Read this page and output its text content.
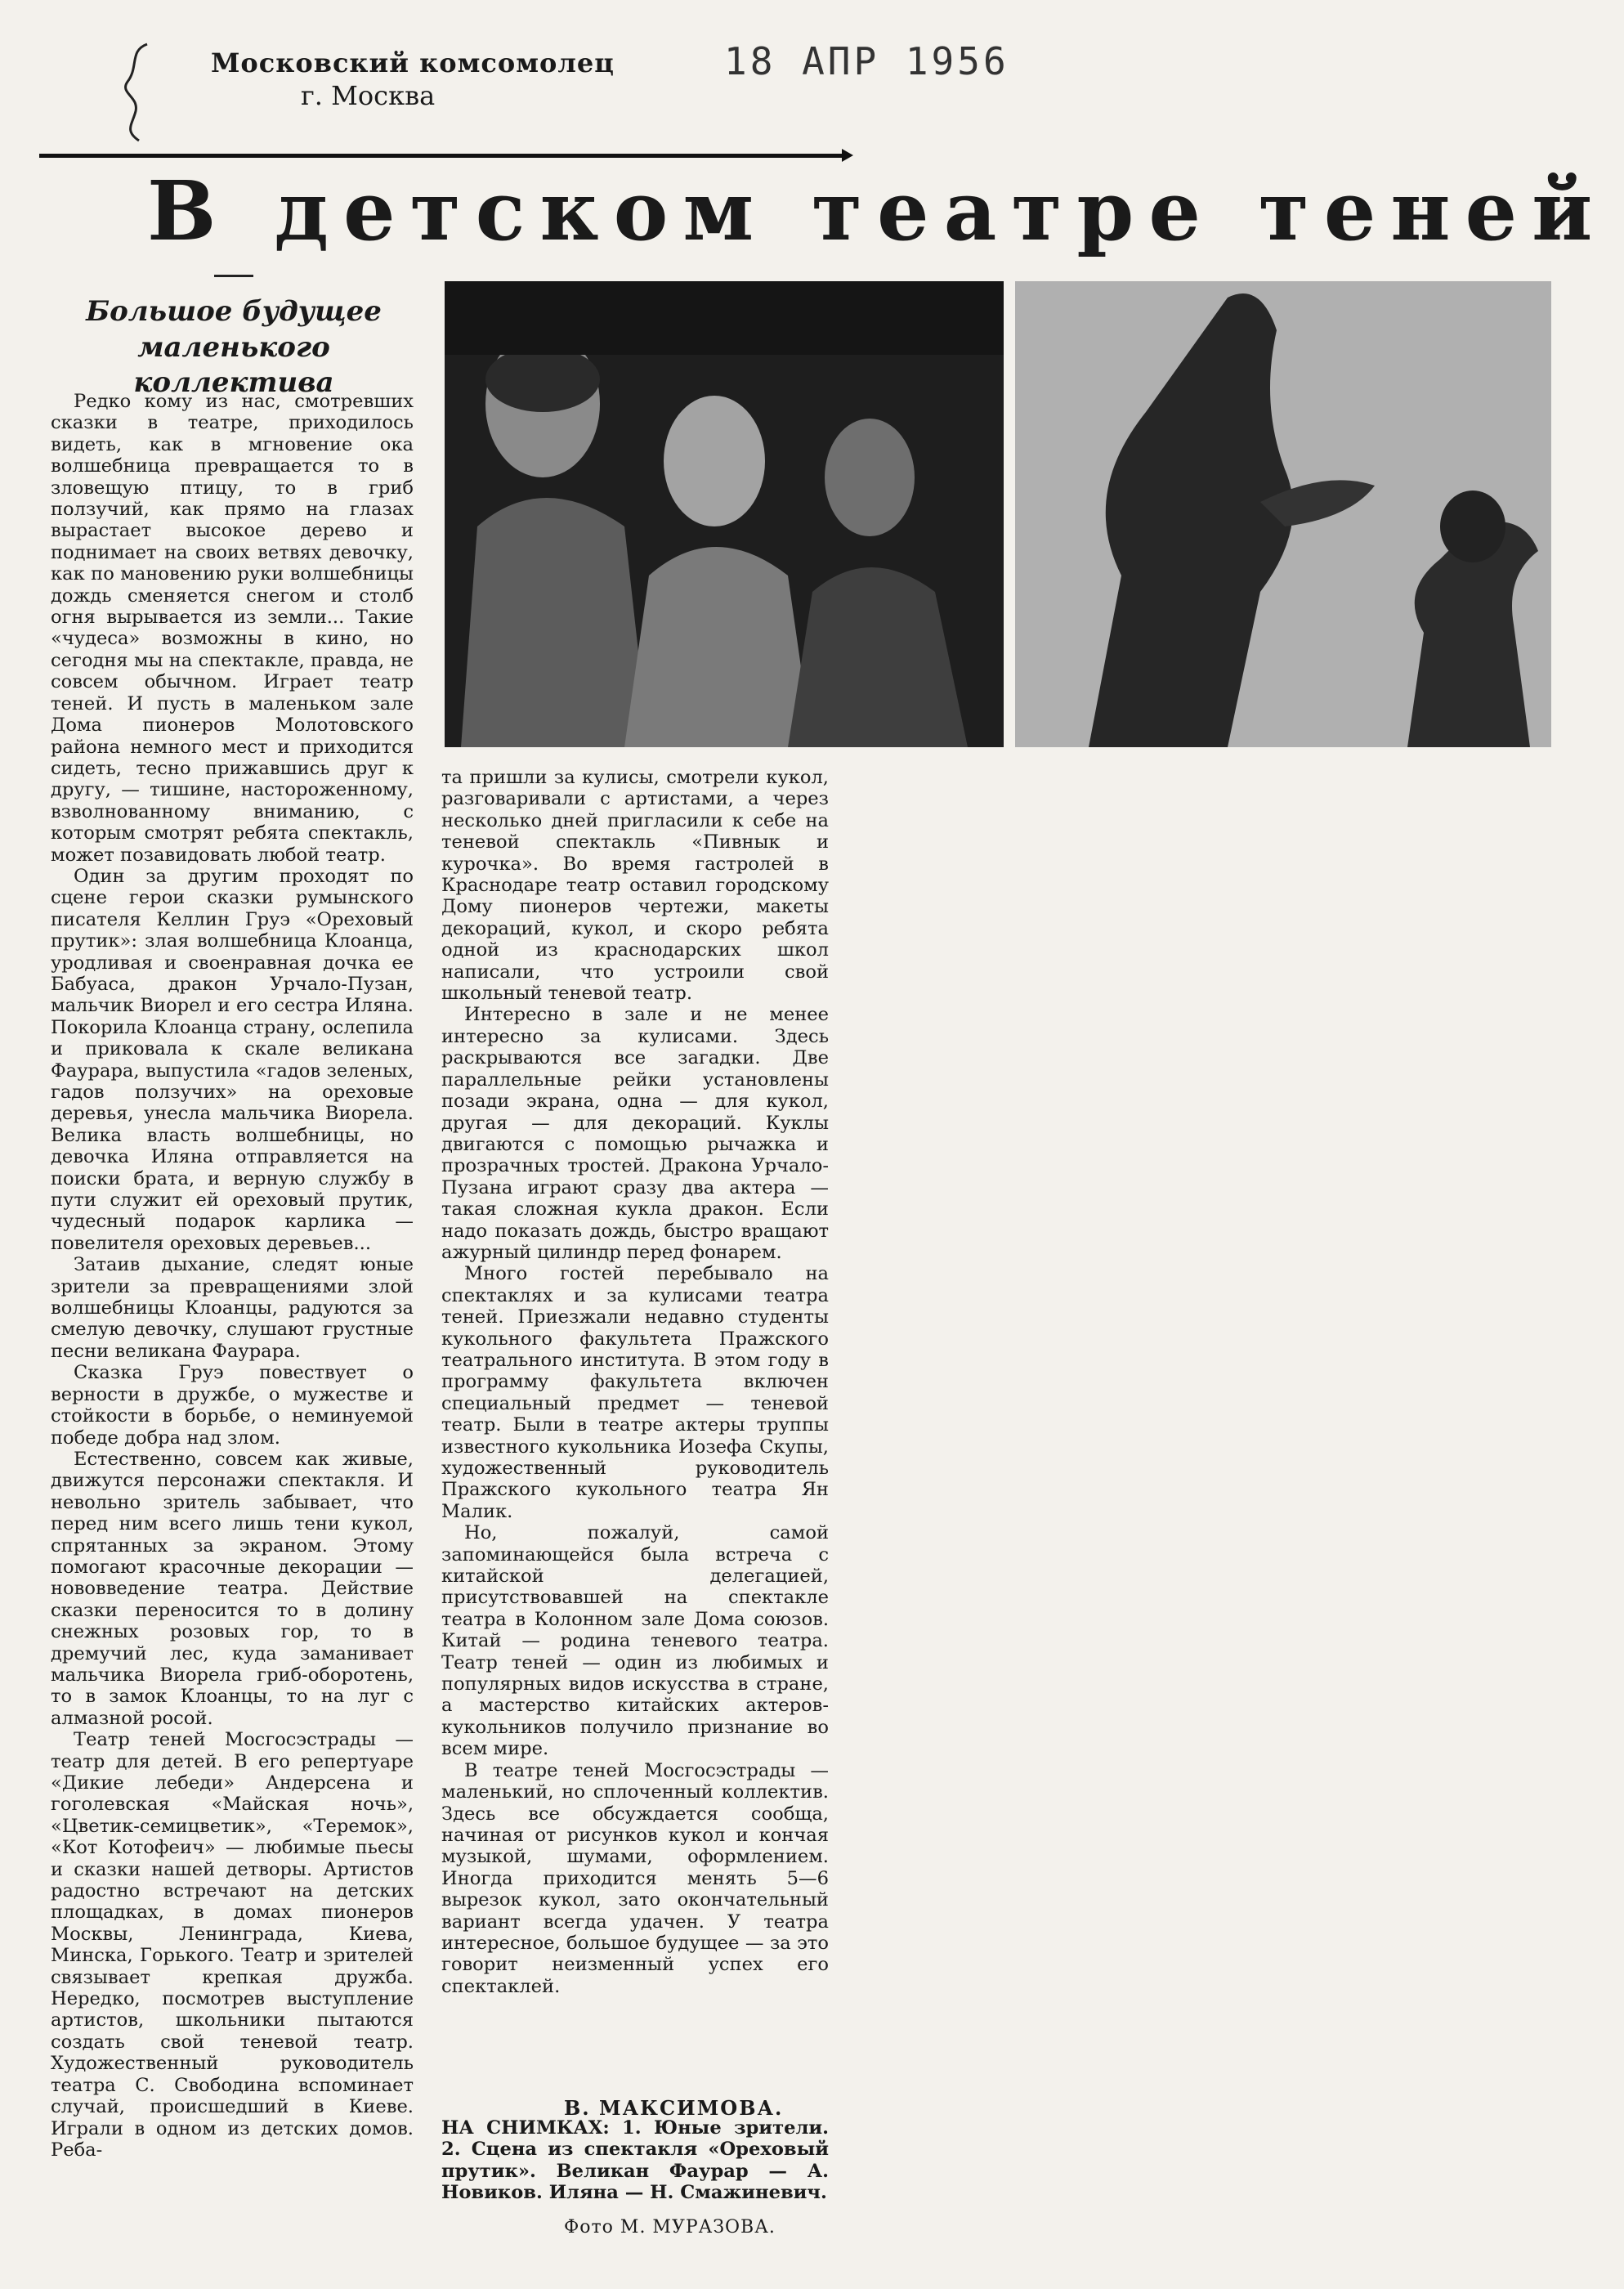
Московский комсомолец
г. Москва
18 АПР 1956
В детском театре теней
Большое будущее маленького коллектива

Редко кому из нас, смотревших сказки в театре, приходилось видеть, как в мгновение ока волшебница превращается то в зловещую птицу, то в гриб ползучий, как прямо на глазах вырастает высокое дерево и поднимает на своих ветвях девочку, как по мановению руки волшебницы дождь сменяется снегом и столб огня вырывается из земли... Такие «чудеса» возможны в кино, но сегодня мы на спектакле, правда, не совсем обычном. Играет театр теней. И пусть в маленьком зале Дома пионеров Молотовского района немного мест и приходится сидеть, тесно прижавшись друг к другу, — тишине, настороженному, взволнованному вниманию, с которым смотрят ребята спектакль, может позавидовать любой театр.

Один за другим проходят по сцене герои сказки румынского писателя Келлин Груэ «Ореховый прутик»: злая волшебница Клоанца, уродливая и своенравная дочка ее Бабуаса, дракон Урчало-Пузан, мальчик Виорел и его сестра Иляна. Покорила Клоанца страну, ослепила и приковала к скале великана Фаурара, выпустила «гадов зеленых, гадов ползучих» на ореховые деревья, унесла мальчика Виорела. Велика власть волшебницы, но девочка Иляна отправляется на поиски брата, и верную службу в пути служит ей ореховый прутик, чудесный подарок карлика — повелителя ореховых деревьев...

Затаив дыхание, следят юные зрители за превращениями злой волшебницы Клоанцы, радуются за смелую девочку, слушают грустные песни великана Фаурара.

Сказка Груэ повествует о верности в дружбе, о мужестве и стойкости в борьбе, о неминуемой победе добра над злом.

Естественно, совсем как живые, движутся персонажи спектакля. И невольно зритель забывает, что перед ним всего лишь тени кукол, спрятанных за экраном. Этому помогают красочные декорации — нововведение театра. Действие сказки переносится то в долину снежных розовых гор, то в дремучий лес, куда заманивает мальчика Виорела гриб-оборотень, то в замок Клоанцы, то на луг с алмазной росой.

Театр теней Мосгосэстрады — театр для детей. В его репертуаре «Дикие лебеди» Андерсена и гоголевская «Майская ночь», «Цветик-семицветик», «Теремок», «Кот Котофеич» — любимые пьесы и сказки нашей детворы. Артистов радостно встречают на детских площадках, в домах пионеров Москвы, Ленинграда, Киева, Минска, Горького. Театр и зрителей связывает крепкая дружба. Нередко, посмотрев выступление артистов, школьники пытаются создать свой теневой театр. Художественный руководитель театра С. Свободина вспоминает случай, происшедший в Киеве. Играли в одном из детских домов. Реба-

та пришли за кулисы, смотрели кукол, разговаривали с артистами, а через несколько дней пригласили к себе на теневой спектакль «Пивнык и курочка». Во время гастролей в Краснодаре театр оставил городскому Дому пионеров чертежи, макеты декораций, кукол, и скоро ребята одной из краснодарских школ написали, что устроили свой школьный теневой театр.

Интересно в зале и не менее интересно за кулисами. Здесь раскрываются все загадки. Две параллельные рейки установлены позади экрана, одна — для кукол, другая — для декораций. Куклы двигаются с помощью рычажка и прозрачных тростей. Дракона Урчало-Пузана играют сразу два актера — такая сложная кукла дракон. Если надо показать дождь, быстро вращают ажурный цилиндр перед фонарем.

Много гостей перебывало на спектаклях и за кулисами театра теней. Приезжали недавно студенты кукольного факультета Пражского театрального института. В этом году в программу факультета включен специальный предмет — теневой театр. Были в театре актеры труппы известного кукольника Иозефа Скупы, художественный руководитель Пражского кукольного театра Ян Малик.

Но, пожалуй, самой запоминающейся была встреча с китайской делегацией, присутствовавшей на спектакле театра в Колонном зале Дома союзов. Китай — родина теневого театра. Театр теней — один из любимых и популярных видов искусства в стране, а мастерство китайских актеров-кукольников получило признание во всем мире.

В театре теней Мосгосэстрады — маленький, но сплоченный коллектив. Здесь все обсуждается сообща, начиная от рисунков кукол и кончая музыкой, шумами, оформлением. Иногда приходится менять 5—6 вырезок кукол, зато окончательный вариант всегда удачен. У театра интересное, большое будущее — за это говорит неизменный успех его спектаклей.

В. МАКСИМОВА.
НА СНИМКАХ: 1. Юные зрители. 2. Сцена из спектакля «Ореховый прутик». Великан Фаурар — А. Новиков. Иляна — Н. Смажиневич.
Фото М. МУРАЗОВА.
